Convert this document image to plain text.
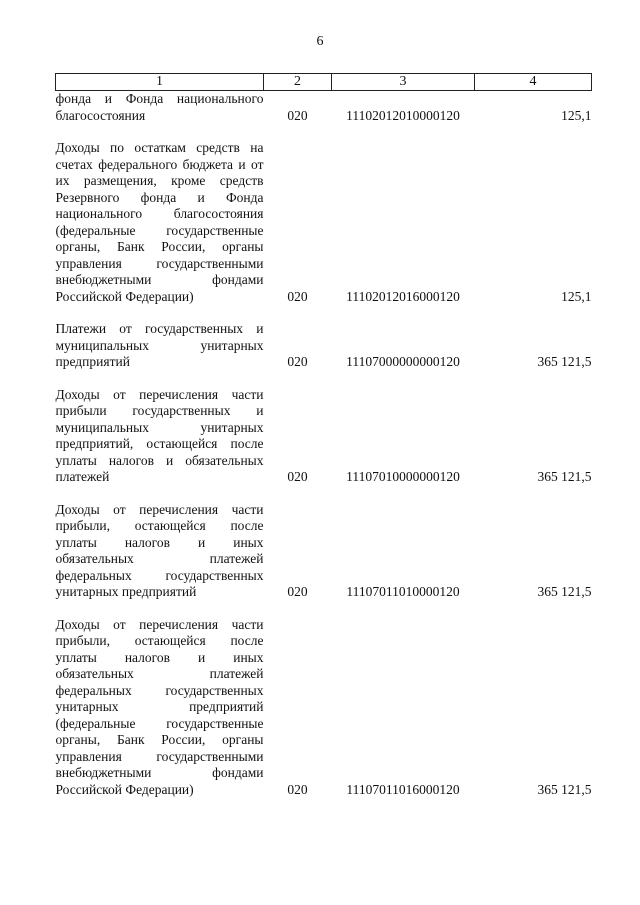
6
1	2	3	4
фонда и Фонда национального благосостояния	020	11102012010000120	125,1
Доходы по остаткам средств на счетах федерального бюджета и от их размещения, кроме средств Резервного фонда и Фонда национального благосостояния (федеральные государственные органы, Банк России, органы управления государственными внебюджетными фондами Российской Федерации)	020	11102012016000120	125,1
Платежи от государственных и муниципальных унитарных предприятий	020	11107000000000120	365 121,5
Доходы от перечисления части прибыли государственных и муниципальных унитарных предприятий, остающейся после уплаты налогов и обязательных платежей	020	11107010000000120	365 121,5
Доходы от перечисления части прибыли, остающейся после уплаты налогов и иных обязательных платежей федеральных государственных унитарных предприятий	020	11107011010000120	365 121,5
Доходы от перечисления части прибыли, остающейся после уплаты налогов и иных обязательных платежей федеральных государственных унитарных предприятий (федеральные государственные органы, Банк России, органы управления государственными внебюджетными фондами Российской Федерации)	020	11107011016000120	365 121,5
